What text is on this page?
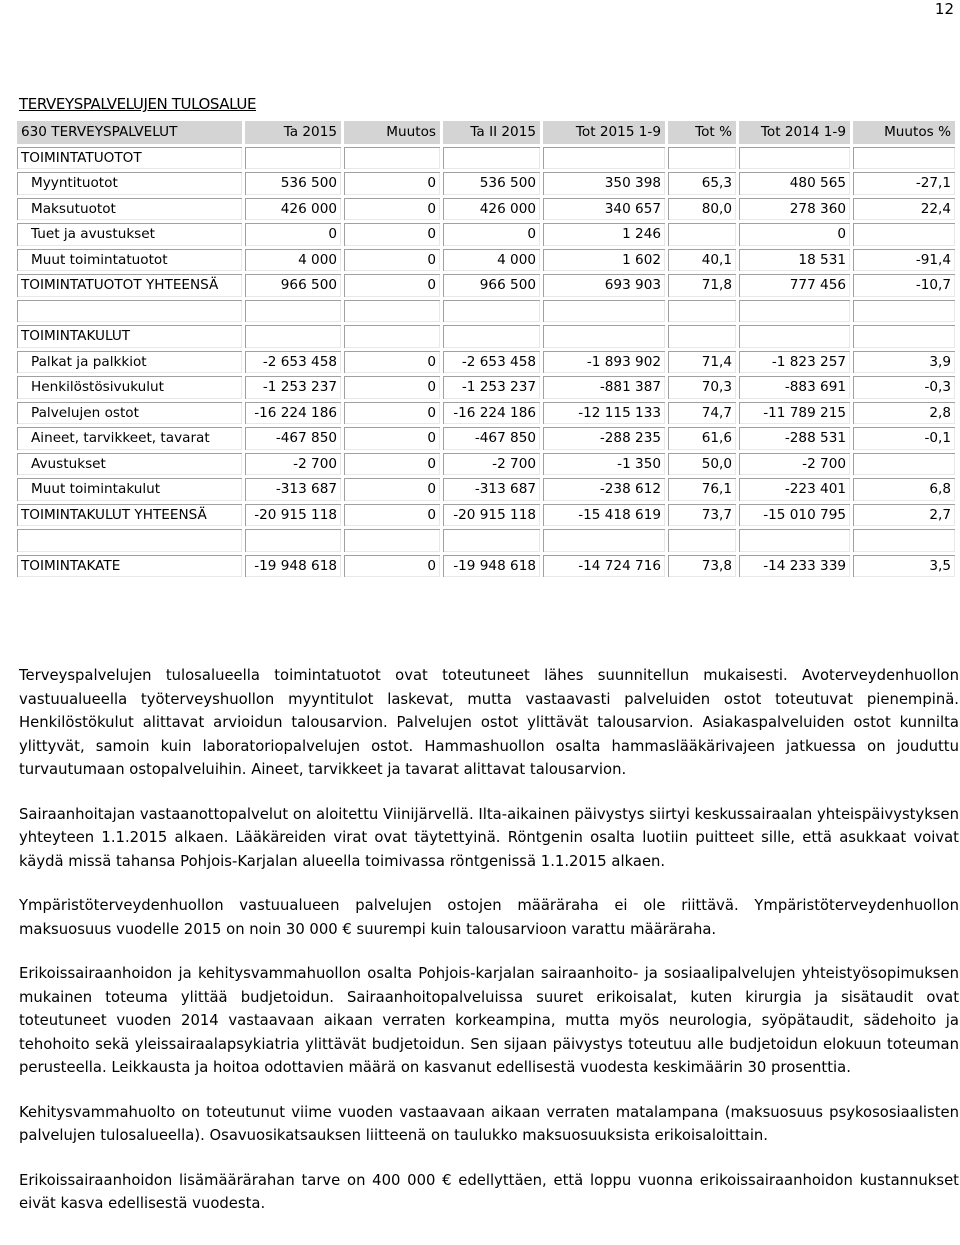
12
TERVEYSPALVELUJEN TULOSALUE
630 TERVEYSPALVELUT	Ta 2015	Muutos	Ta II 2015	Tot 2015 1-9	Tot %	Tot 2014 1-9	Muutos %
TOIMINTATUOTOT							
Myyntituotot	536 500	0	536 500	350 398	65,3	480 565	-27,1
Maksutuotot	426 000	0	426 000	340 657	80,0	278 360	22,4
Tuet ja avustukset	0	0	0	1 246		0	
Muut toimintatuotot	4 000	0	4 000	1 602	40,1	18 531	-91,4
TOIMINTATUOTOT YHTEENSÄ	966 500	0	966 500	693 903	71,8	777 456	-10,7

TOIMINTAKULUT							
Palkat ja palkkiot	-2 653 458	0	-2 653 458	-1 893 902	71,4	-1 823 257	3,9
Henkilöstösivukulut	-1 253 237	0	-1 253 237	-881 387	70,3	-883 691	-0,3
Palvelujen ostot	-16 224 186	0	-16 224 186	-12 115 133	74,7	-11 789 215	2,8
Aineet, tarvikkeet, tavarat	-467 850	0	-467 850	-288 235	61,6	-288 531	-0,1
Avustukset	-2 700	0	-2 700	-1 350	50,0	-2 700	
Muut toimintakulut	-313 687	0	-313 687	-238 612	76,1	-223 401	6,8
TOIMINTAKULUT YHTEENSÄ	-20 915 118	0	-20 915 118	-15 418 619	73,7	-15 010 795	2,7

TOIMINTAKATE	-19 948 618	0	-19 948 618	-14 724 716	73,8	-14 233 339	3,5

Terveyspalvelujen tulosalueella toimintatuotot ovat toteutuneet lähes suunnitellun mukaisesti. Avoterveydenhuollon vastuualueella työterveyshuollon myyntitulot laskevat, mutta vastaavasti palveluiden ostot toteutuvat pienempinä. Henkilöstökulut alittavat arvioidun talousarvion. Palvelujen ostot ylittävät talousarvion. Asiakaspalveluiden ostot kunnilta ylittyvät, samoin kuin laboratoriopalvelujen ostot. Hammashuollon osalta hammaslääkärivajeen jatkuessa on jouduttu turvautumaan ostopalveluihin. Aineet, tarvikkeet ja tavarat alittavat talousarvion.

Sairaanhoitajan vastaanottopalvelut on aloitettu Viinijärvellä. Ilta-aikainen päivystys siirtyi keskussairaalan yhteispäivystyksen yhteyteen 1.1.2015 alkaen. Lääkäreiden virat ovat täytettyinä. Röntgenin osalta luotiin puitteet sille, että asukkaat voivat käydä missä tahansa Pohjois-Karjalan alueella toimivassa röntgenissä 1.1.2015 alkaen.

Ympäristöterveydenhuollon vastuualueen palvelujen ostojen määräraha ei ole riittävä. Ympäristöterveydenhuollon maksuosuus vuodelle 2015 on noin 30 000 € suurempi kuin talousarvioon varattu määräraha.

Erikoissairaanhoidon ja kehitysvammahuollon osalta Pohjois-karjalan sairaanhoito- ja sosiaalipalvelujen yhteistyösopimuksen mukainen toteuma ylittää budjetoidun. Sairaanhoitopalveluissa suuret erikoisalat, kuten kirurgia ja sisätaudit ovat toteutuneet vuoden 2014 vastaavaan aikaan verraten korkeampina, mutta myös neurologia, syöpätaudit, sädehoito ja tehohoito sekä yleissairaalapsykiatria ylittävät budjetoidun. Sen sijaan päivystys toteutuu alle budjetoidun elokuun toteuman perusteella. Leikkausta ja hoitoa odottavien määrä on kasvanut edellisestä vuodesta keskimäärin 30 prosenttia.

Kehitysvammahuolto on toteutunut viime vuoden vastaavaan aikaan verraten matalampana (maksuosuus psykososiaalisten palvelujen tulosalueella). Osavuosikatsauksen liitteenä on taulukko maksuosuuksista erikoisaloittain.

Erikoissairaanhoidon lisämäärärahan tarve on 400 000 € edellyttäen, että loppu vuonna erikoissairaanhoidon kustannukset eivät kasva edellisestä vuodesta.
